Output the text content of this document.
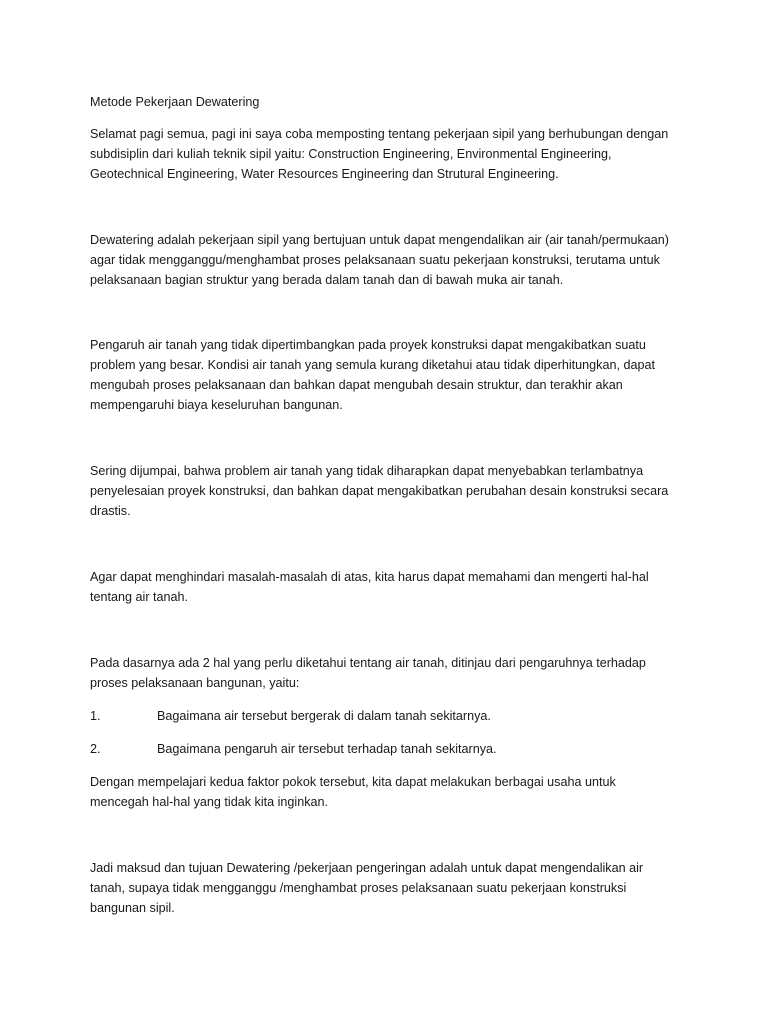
Metode Pekerjaan Dewatering
Selamat pagi semua, pagi ini saya coba memposting tentang pekerjaan sipil yang berhubungan dengan
subdisiplin dari kuliah teknik sipil yaitu: Construction Engineering, Environmental Engineering,
Geotechnical Engineering, Water Resources Engineering dan Strutural Engineering.
Dewatering adalah pekerjaan sipil yang bertujuan untuk dapat mengendalikan air (air tanah/permukaan)
agar tidak mengganggu/menghambat proses pelaksanaan suatu pekerjaan konstruksi, terutama untuk
pelaksanaan bagian struktur yang berada dalam tanah dan di bawah muka air tanah.
Pengaruh air tanah yang tidak dipertimbangkan pada proyek konstruksi dapat mengakibatkan suatu
problem yang besar. Kondisi air tanah yang semula kurang diketahui atau tidak diperhitungkan, dapat
mengubah proses pelaksanaan dan bahkan dapat mengubah desain struktur, dan terakhir akan
mempengaruhi biaya keseluruhan bangunan.
Sering dijumpai, bahwa problem air tanah yang tidak diharapkan dapat menyebabkan terlambatnya
penyelesaian proyek konstruksi, dan bahkan dapat mengakibatkan perubahan desain konstruksi secara
drastis.
Agar dapat menghindari masalah-masalah di atas, kita harus dapat memahami dan mengerti hal-hal
tentang air tanah.
Pada dasarnya ada 2 hal yang perlu diketahui tentang air tanah, ditinjau dari pengaruhnya terhadap
proses pelaksanaan bangunan, yaitu:
1.	Bagaimana air tersebut bergerak di dalam tanah sekitarnya.
2.	Bagaimana pengaruh air tersebut terhadap tanah sekitarnya.
Dengan mempelajari kedua faktor pokok tersebut, kita dapat melakukan berbagai usaha untuk
mencegah hal-hal yang tidak kita inginkan.
Jadi maksud dan tujuan Dewatering /pekerjaan pengeringan adalah untuk dapat mengendalikan air
tanah, supaya tidak mengganggu /menghambat proses pelaksanaan suatu pekerjaan konstruksi
bangunan sipil.
